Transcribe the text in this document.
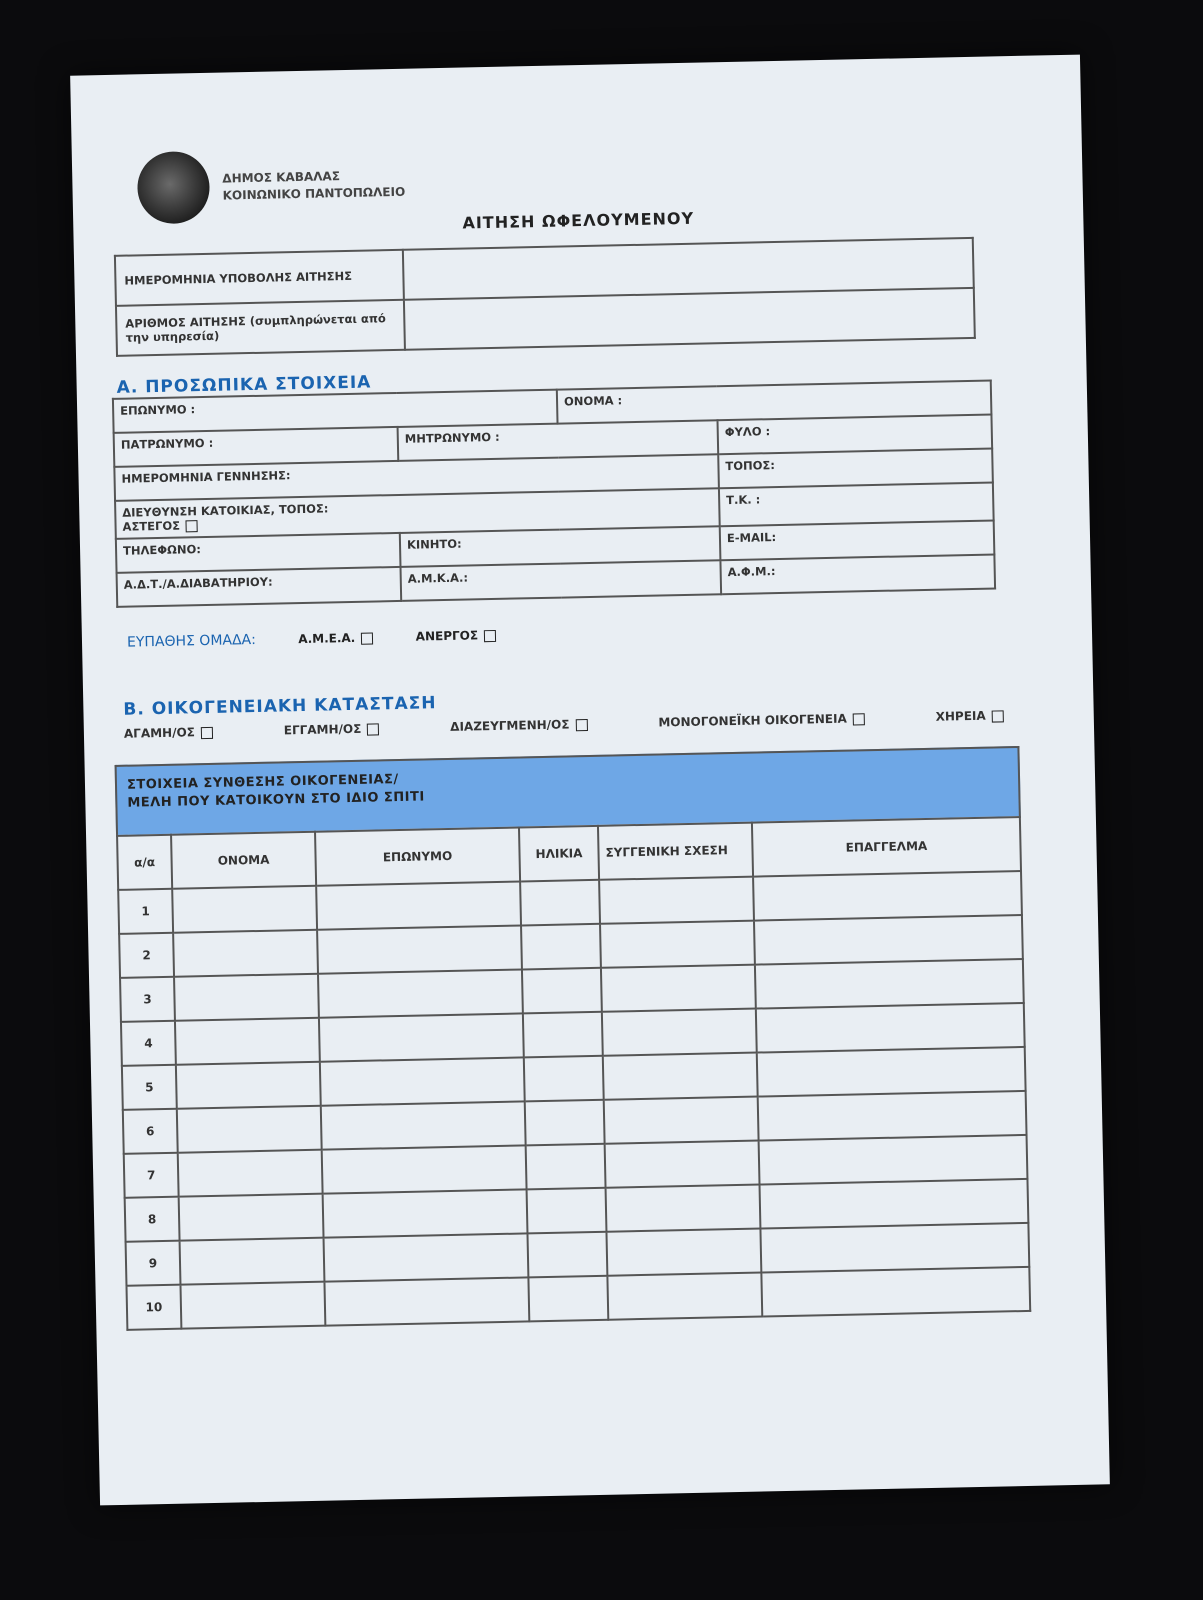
ΔΗΜΟΣ ΚΑΒΑΛΑΣ
ΚΟΙΝΩΝΙΚΟ ΠΑΝΤΟΠΩΛΕΙΟ
ΑΙΤΗΣΗ ΩΦΕΛΟΥΜΕΝΟΥ
ΗΜΕΡΟΜΗΝΙΑ ΥΠΟΒΟΛΗΣ ΑΙΤΗΣΗΣ	
ΑΡΙΘΜΟΣ ΑΙΤΗΣΗΣ (συμπληρώνεται από την υπηρεσία)	
Α. ΠΡΟΣΩΠΙΚΑ ΣΤΟΙΧΕΙΑ
ΕΠΩΝΥΜΟ :		ΟΝΟΜΑ :	
ΠΑΤΡΩΝΥΜΟ :	ΜΗΤΡΩΝΥΜΟ :		ΦΥΛΟ :
ΗΜΕΡΟΜΗΝΙΑ ΓΕΝΝΗΣΗΣ:			ΤΟΠΟΣ:

ΔΙΕΥΘΥΝΣΗ ΚΑΤΟΙΚΙΑΣ, ΤΟΠΟΣ:
ΑΣΤΕΓΟΣ			Τ.Κ. :
ΤΗΛΕΦΩΝΟ:	ΚΙΝΗΤΟ:		E-MAIL:
Α.Δ.Τ./Α.ΔΙΑΒΑΤΗΡΙΟΥ:	Α.Μ.Κ.Α.:		Α.Φ.Μ.:
ΕΥΠΑΘΗΣ ΟΜΑΔΑ:	Α.Μ.Ε.Α.	ΑΝΕΡΓΟΣ
Β. ΟΙΚΟΓΕΝΕΙΑΚΗ ΚΑΤΑΣΤΑΣΗ
ΑΓΑΜΗ/ΟΣ	ΕΓΓΑΜΗ/ΟΣ	ΔΙΑΖΕΥΓΜΕΝΗ/ΟΣ	ΜΟΝΟΓΟΝΕΪΚΗ ΟΙΚΟΓΕΝΕΙΑ	ΧΗΡΕΙΑ
ΣΤΟΙΧΕΙΑ ΣΥΝΘΕΣΗΣ ΟΙΚΟΓΕΝΕΙΑΣ/
ΜΕΛΗ ΠΟΥ ΚΑΤΟΙΚΟΥΝ ΣΤΟ ΙΔΙΟ ΣΠΙΤΙ
α/α	ΟΝΟΜΑ	ΕΠΩΝΥΜΟ	ΗΛΙΚΙΑ	ΣΥΓΓΕΝΙΚΗ ΣΧΕΣΗ	ΕΠΑΓΓΕΛΜΑ
1					
2					
3					
4					
5					
6					
7					
8					
9					
10					
